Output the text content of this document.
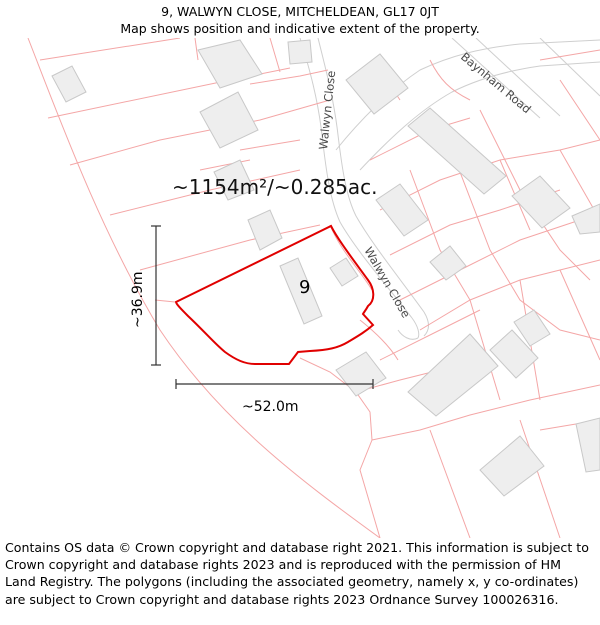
9, WALWYN CLOSE, MITCHELDEAN, GL17 0JT
Map shows position and indicative extent of the property.
Walwyn Close
Walwyn Close
Baynham Road
~1154m²/~0.285ac.
9
~36.9m
~52.0m
Contains OS data © Crown copyright and database right 2021. This information is subject to Crown copyright and database rights 2023 and is reproduced with the permission of HM Land Registry. The polygons (including the associated geometry, namely x, y co-ordinates) are subject to Crown copyright and database rights 2023 Ordnance Survey 100026316.
